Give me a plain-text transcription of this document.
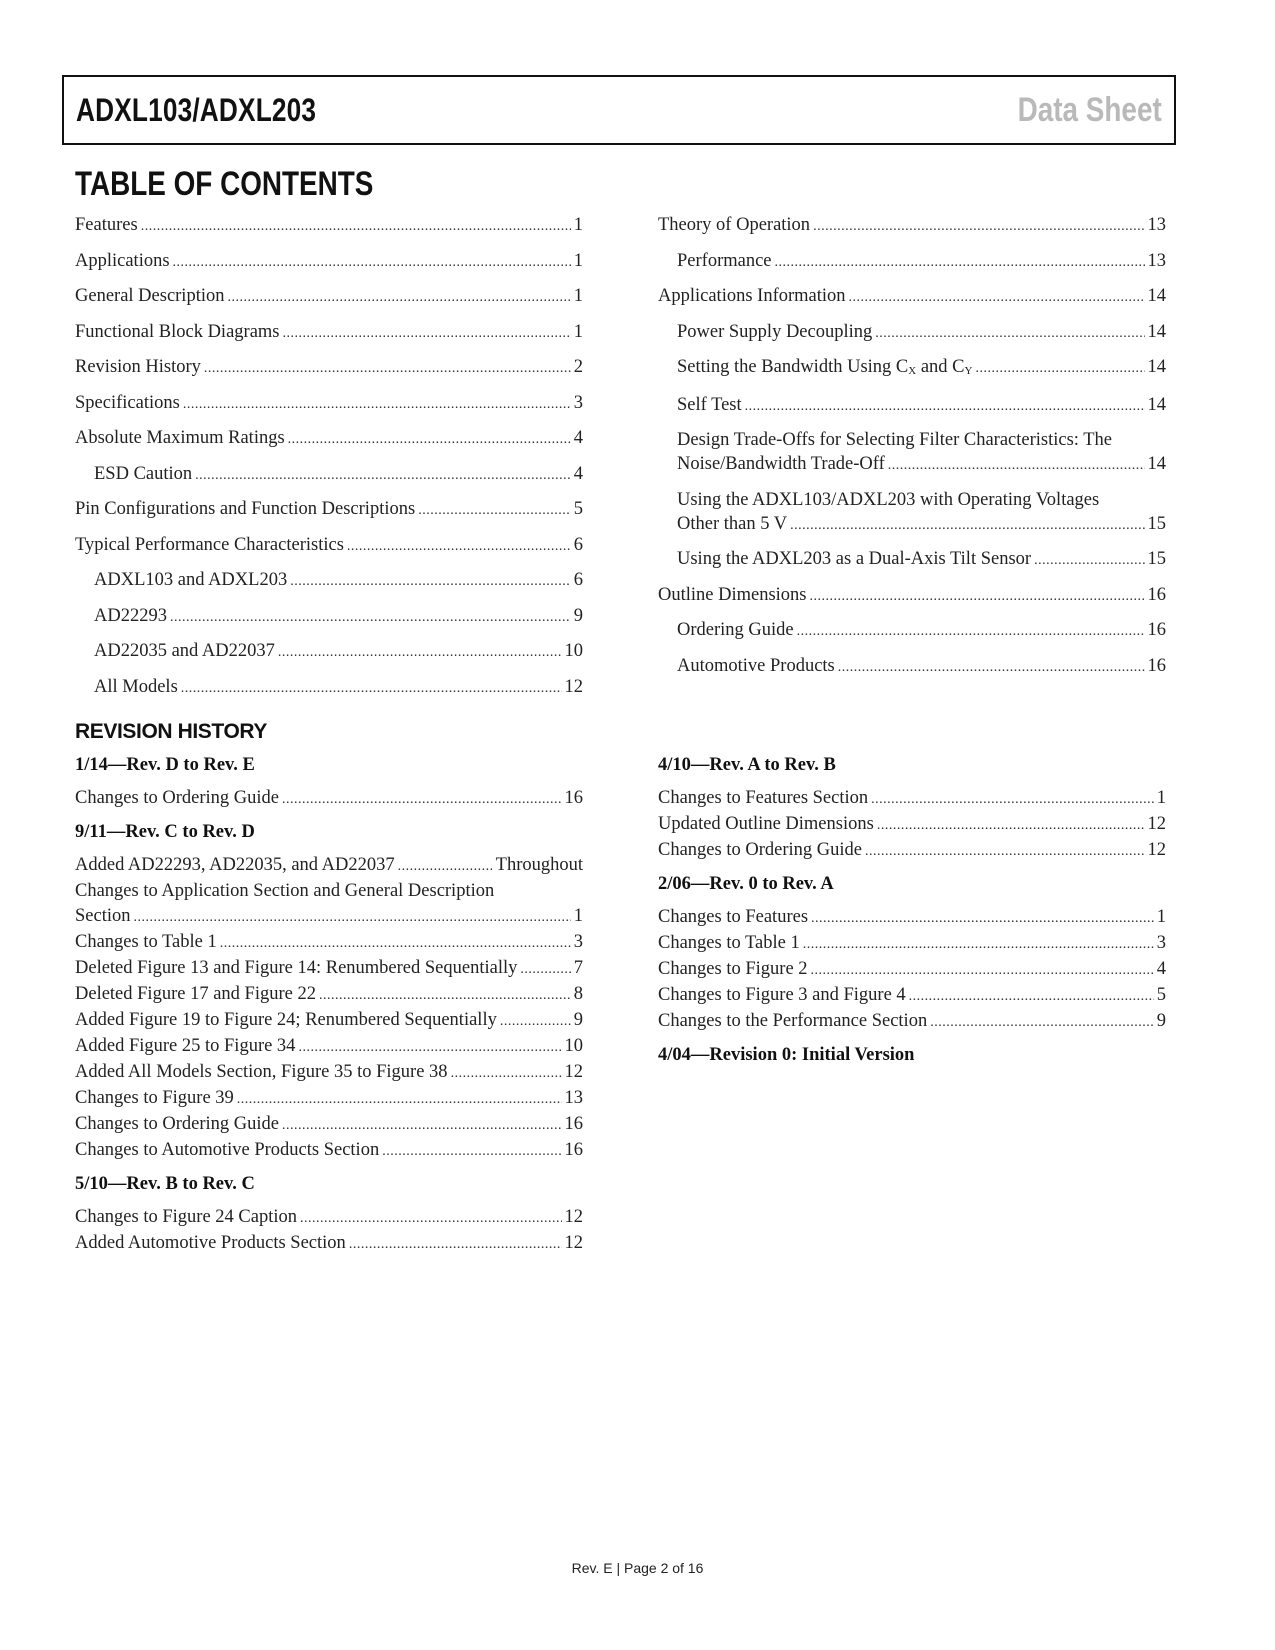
ADXL103/ADXL203	Data Sheet
TABLE OF CONTENTS
Features .....	1
Applications .....	1
General Description .....	1
Functional Block Diagrams .....	1
Revision History .....	2
Specifications .....	3
Absolute Maximum Ratings .....	4
ESD Caution .....	4
Pin Configurations and Function Descriptions .....	5
Typical Performance Characteristics .....	6
ADXL103 and ADXL203 .....	6
AD22293 .....	9
AD22035 and AD22037 .....	10
All Models .....	12
Theory of Operation .....	13
Performance .....	13
Applications Information .....	14
Power Supply Decoupling .....	14
Setting the Bandwidth Using $C_X$ and $C_Y$ .....	14
Self Test .....	14
Design Trade-Offs for Selecting Filter Characteristics: The
Noise/Bandwidth Trade-Off .....	14
Using the ADXL103/ADXL203 with Operating Voltages
Other than 5 V .....	15
Using the ADXL203 as a Dual-Axis Tilt Sensor .....	15
Outline Dimensions .....	16
Ordering Guide .....	16
Automotive Products .....	16
REVISION HISTORY
1/14—Rev. D to Rev. E
Changes to Ordering Guide .....	16
9/11—Rev. C to Rev. D
Added AD22293, AD22035, and AD22037 .....	Throughout
Changes to Application Section and General Description
Section .....	1
Changes to Table 1 .....	3
Deleted Figure 13 and Figure 14: Renumbered Sequentially .....	7
Deleted Figure 17 and Figure 22 .....	8
Added Figure 19 to Figure 24; Renumbered Sequentially .....	9
Added Figure 25 to Figure 34 .....	10
Added All Models Section, Figure 35 to Figure 38 .....	12
Changes to Figure 39 .....	13
Changes to Ordering Guide .....	16
Changes to Automotive Products Section .....	16
5/10—Rev. B to Rev. C
Changes to Figure 24 Caption .....	12
Added Automotive Products Section .....	12
4/10—Rev. A to Rev. B
Changes to Features Section .....	1
Updated Outline Dimensions .....	12
Changes to Ordering Guide .....	12
2/06—Rev. 0 to Rev. A
Changes to Features .....	1
Changes to Table 1 .....	3
Changes to Figure 2 .....	4
Changes to Figure 3 and Figure 4 .....	5
Changes to the Performance Section .....	9
4/04—Revision 0: Initial Version
Rev. E | Page 2 of 16
